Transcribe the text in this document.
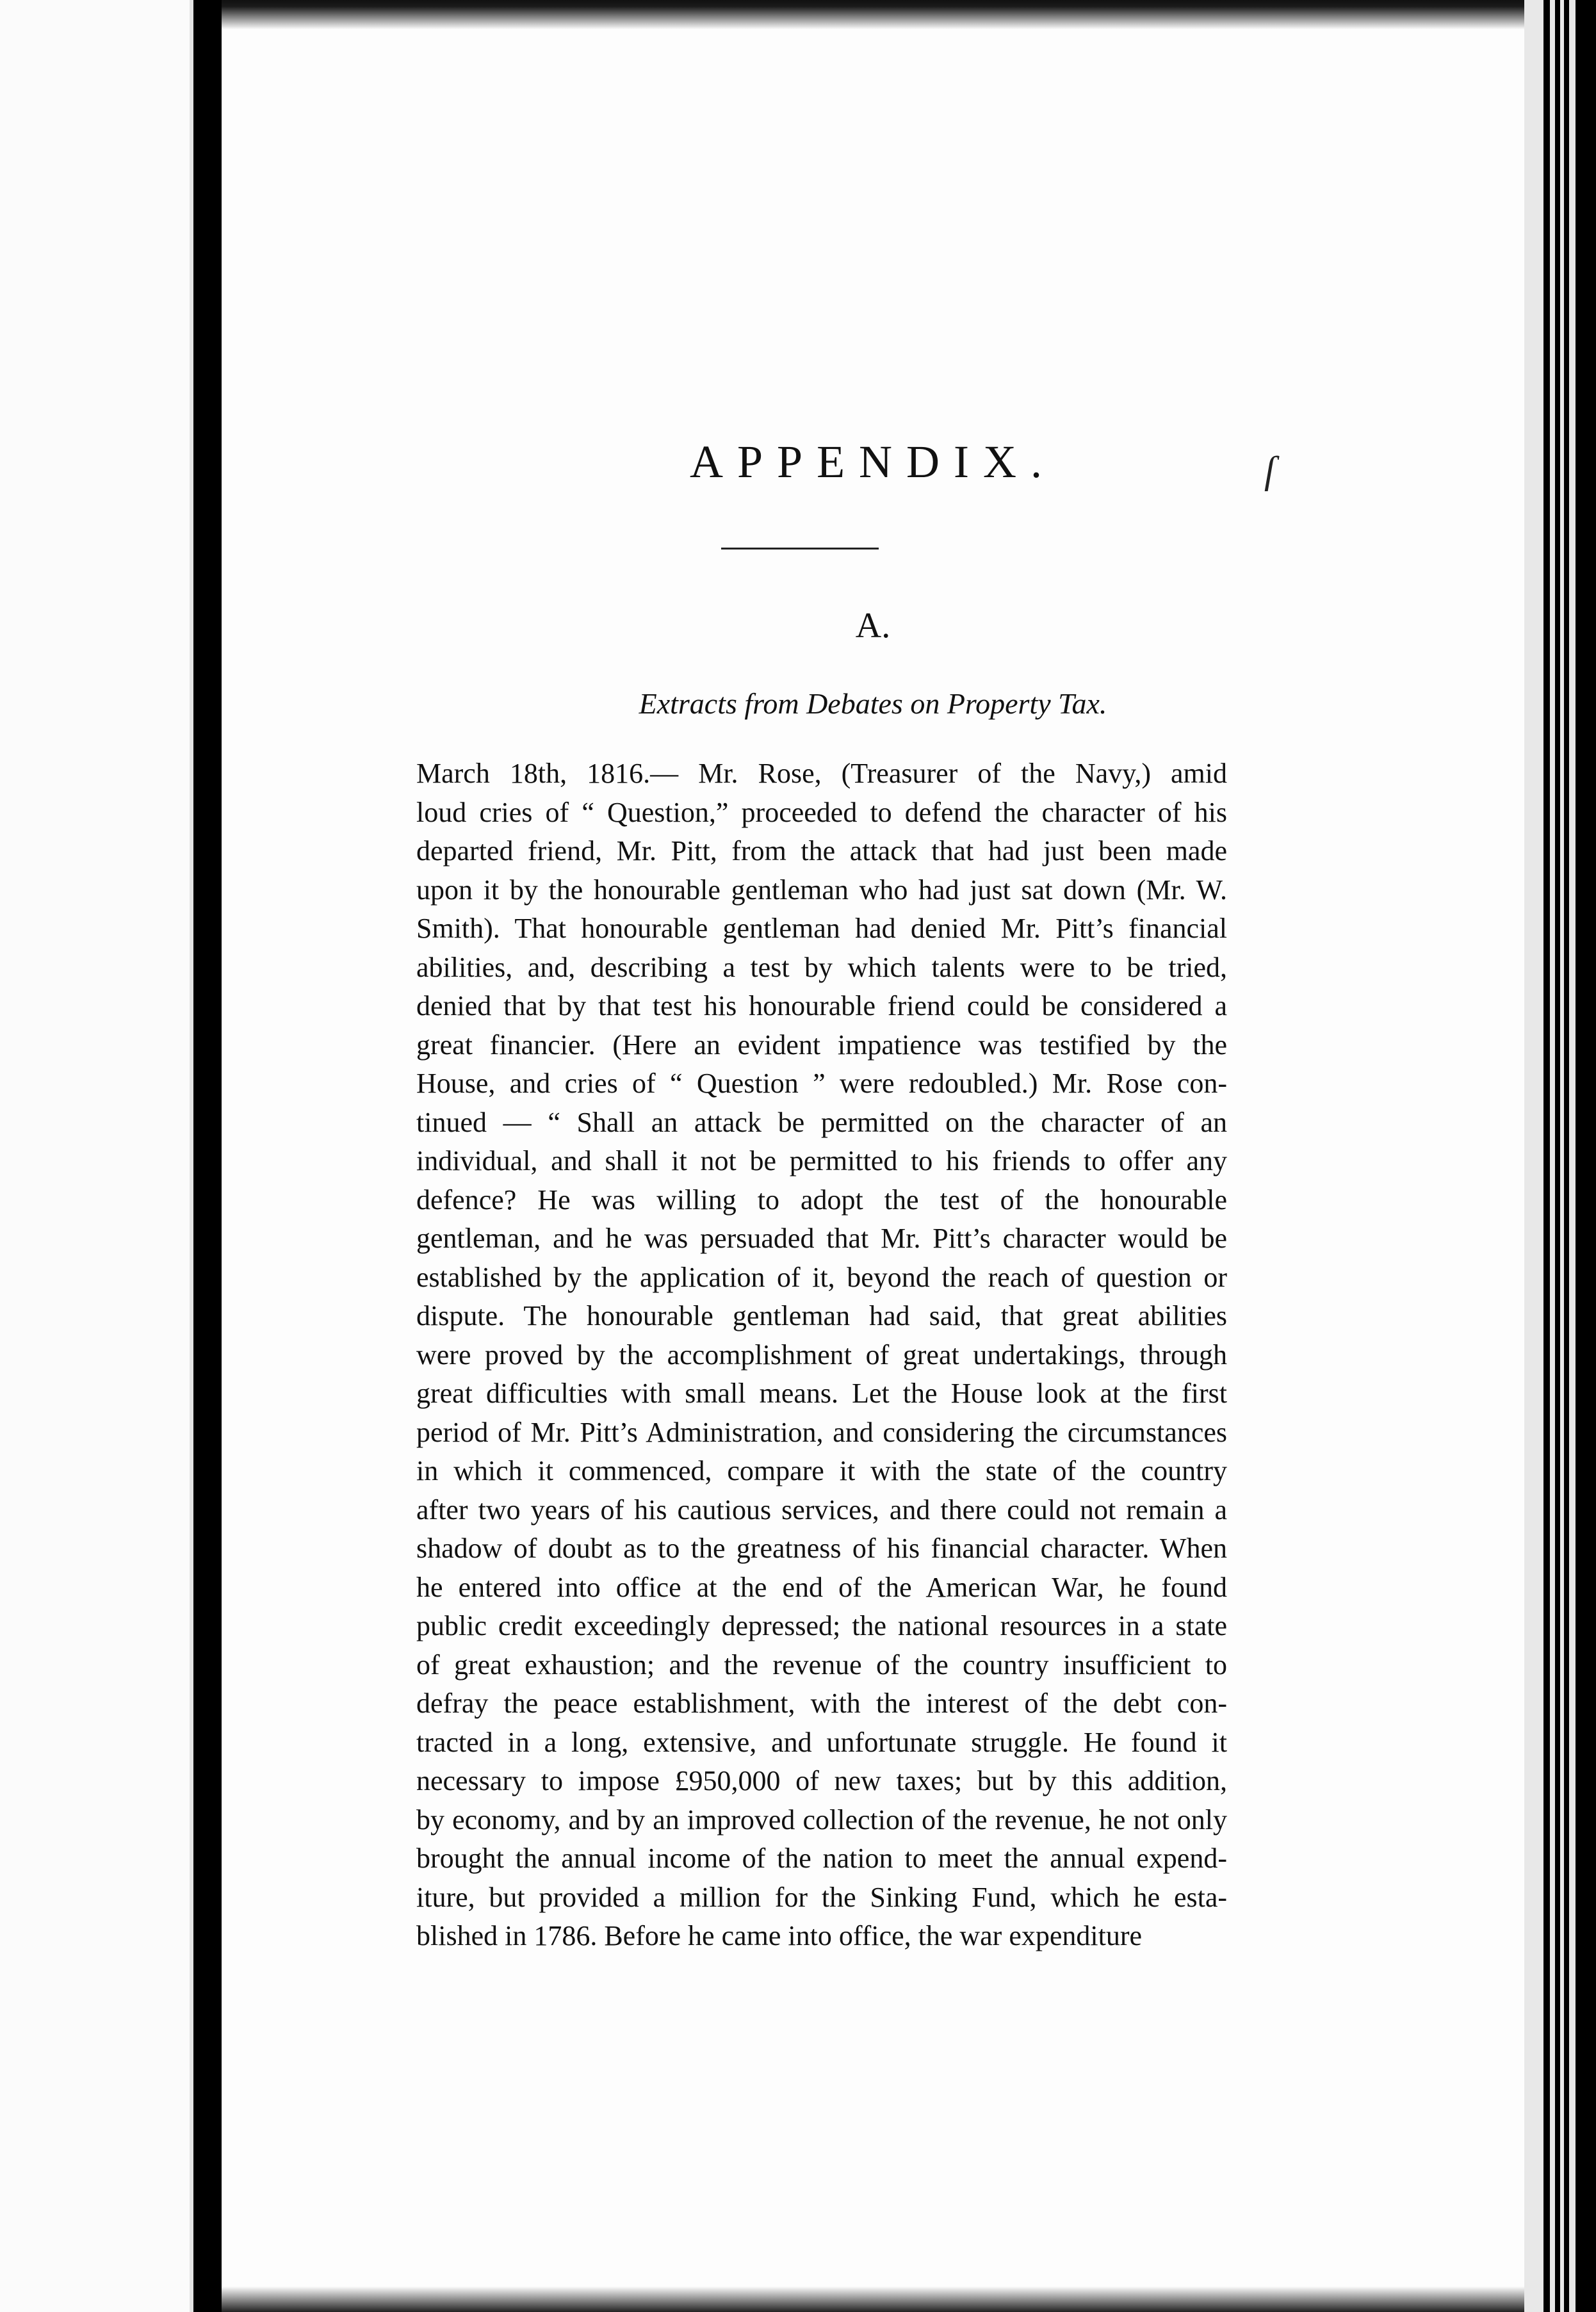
APPENDIX.
A.
Extracts from Debates on Property Tax.
ſ
March 18th, 1816.— Mr. Rose, (Treasurer of the Navy,) amid
loud cries of “ Question,” proceeded to defend the character of his
departed friend, Mr. Pitt, from the attack that had just been made
upon it by the honourable gentleman who had just sat down (Mr. W.
Smith). That honourable gentleman had denied Mr. Pitt’s financial
abilities, and, describing a test by which talents were to be tried,
denied that by that test his honourable friend could be considered a
great financier. (Here an evident impatience was testified by the
House, and cries of “ Question ” were redoubled.) Mr. Rose con-
tinued — “ Shall an attack be permitted on the character of an
individual, and shall it not be permitted to his friends to offer any
defence? He was willing to adopt the test of the honourable
gentleman, and he was persuaded that Mr. Pitt’s character would be
established by the application of it, beyond the reach of question or
dispute. The honourable gentleman had said, that great abilities
were proved by the accomplishment of great undertakings, through
great difficulties with small means. Let the House look at the first
period of Mr. Pitt’s Administration, and considering the circumstances
in which it commenced, compare it with the state of the country
after two years of his cautious services, and there could not remain a
shadow of doubt as to the greatness of his financial character. When
he entered into office at the end of the American War, he found
public credit exceedingly depressed; the national resources in a state
of great exhaustion; and the revenue of the country insufficient to
defray the peace establishment, with the interest of the debt con-
tracted in a long, extensive, and unfortunate struggle. He found it
necessary to impose £950,000 of new taxes; but by this addition,
by economy, and by an improved collection of the revenue, he not only
brought the annual income of the nation to meet the annual expend-
iture, but provided a million for the Sinking Fund, which he esta-
blished in 1786. Before he came into office, the war expenditure
